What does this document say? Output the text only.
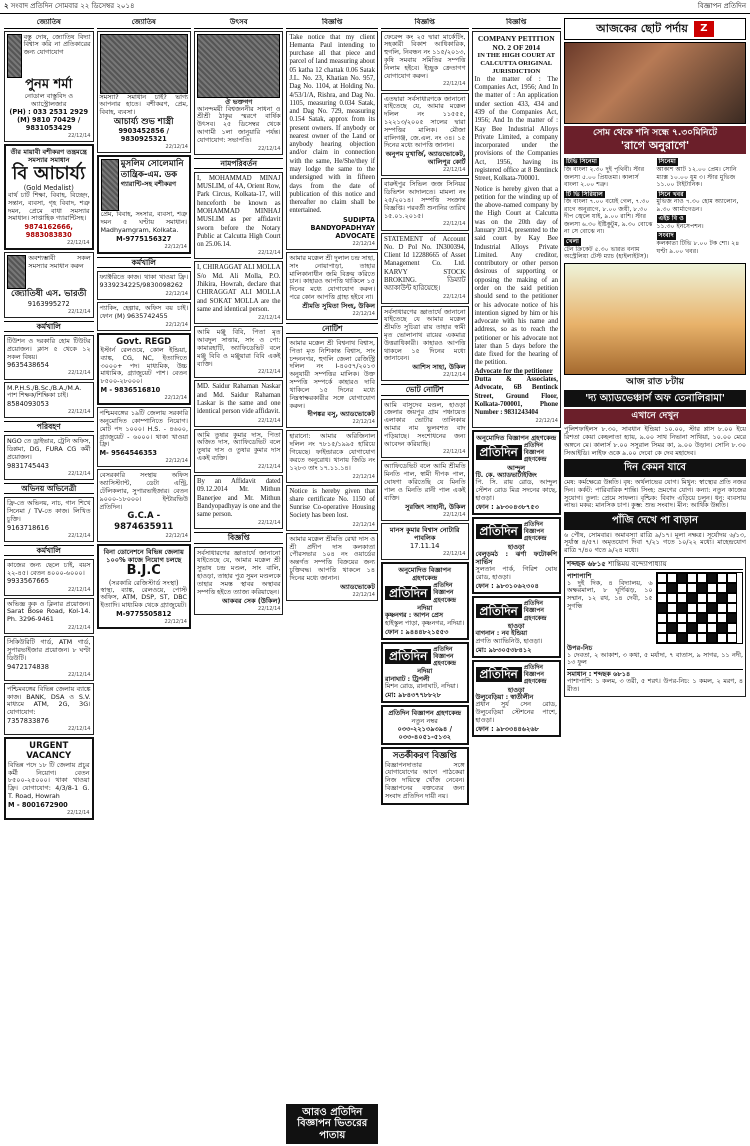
২ সংবাদ প্রতিদিন সোমবার ২২ ডিসেম্বর ২০১৪	বিজ্ঞাপন প্রতিদিন
জ্যোতিষ
বস্তু দোষ, জ্যোতিষ বিদ্যা বিশ্বাস করি না প্রতিকারের জন্য যোগাযোগ
পুনম শর্মা
নোডাল বাস্তুবিদ ও অ্যাস্ট্রোলজার
(PH) : 033 2531 2929
(M) 9810 70429 / 9831053429
22/12/14
তীর মায়াবী বশীকরণ তন্ত্রমন্ত্রে সমস্যার সমাধান
বি আচার্য্য
(Gold Medalist)
বার্থ চার্ট শিক্ষা, বিবাহ, বিচ্ছেদ, সন্তান, ব্যবসা, গৃহ বিবাদ, শত্রু দমন, প্রেমে বাধা সমস্যার সমাধান। সাপ্তাহিক গ্যারান্টিসহ।
9874162666, 9883083830
22/12/14
অবশ্যম্ভাবী সকল সমস্যার সমাধান করুন
জ্যোতিষী এস. ভারতী
9163995272
22/12/14
কর্মখালি
টিউশন ও দরকারি হোম টিউটর প্রয়োজন। ক্লাস ৫ থেকে ১২ সকল বিষয়।
9635438654
22/12/14
M.P.H.S./B.Sc./B.A./M.A. পাশ শিক্ষক/শিক্ষিকা চাই।
8584093053
22/12/14
পরিবহণ
NGO তে ড্রাইভার, ট্রেনি অফিস, ডিপ্লমা, DG, FURA CG কর্মী প্রয়োজন।
9831745443
22/12/14
অভিনয় অভিনেত্রী
ফ্রি-তে অভিনয়, নাচ, গান শিখে সিনেমা / TV-তে কাজ। লিখিত চুক্তি।
9163718616
22/12/14
কর্মখালি
কাজের জন্য ছেলে চাই, বয়স ২২-৪৫। বেতন ৪০০০-৬০০০।
9933567665
22/12/14
অভিজ্ঞ কুক ও ক্লিনার প্রয়োজন। Sarat Bose Road, Kol-14. Ph. 3296-9461
22/12/14
সিকিউরিটি গার্ড, ATM গার্ড, সুপারভাইজার প্রয়োজন। ৮ ঘণ্টা ডিউটি।
9472174838
22/12/14
পশ্চিমবঙ্গের বিভিন্ন জেলায় ব্যাঙ্কে কাজ। BANK, DSA ও S.V. মাধ্যমে ATM, 2G, 3G। যোগাযোগ:
7357833876
22/12/14
URGENT VACANCY
বিভিন্ন পদে ১৮ টি জেলায় প্রচুর কর্মী নিয়োগ। বেতন ৮৫০০-২৫০০০। থাকা খাওয়া ফ্রি। যোগাযোগ: 4/3/8-1 G. T. Road, Howrah
M - 8001672900
22/12/14
জ্যোতিষ
সমস্যা? সমাধান চাই? ভাগ্য আপনার হাতে। বশীকরণ, প্রেম, বিবাহ, ব্যবসা।
আচার্য্য শুভ শাস্ত্রী
9903452856 / 9830925321
22/12/14
মুসলিম সোলেমানি তান্ত্রিক-এম. ডক
গ্যারান্টি-সহ বশীকরণ
প্রেম, বিবাহ, সংসার, ব্যবসা, শত্রু দমন ৫ ঘণ্টায় সমাধান। Madhyamgram, Kolkata.
M-9775156327
22/12/14
কর্মখালি
ফ্যাক্টরিতে কাজ। থাকা খাওয়া ফ্রি। 9339234225/9830098262
22/12/14
প্যাকিং, হেল্পার, অফিস বয় চাই। ফোন (M) 9635742455
22/12/14
Govt. REGD
ইস্টার্ন রেলওয়ে, কোল ইন্ডিয়া, ব্যাঙ্ক, CG, NC, ইত্যাদিতে ৩০০০+ পদ। মাধ্যমিক, উচ্চ মাধ্যমিক, গ্র্যাজুয়েট পাশ। বেতন ৮৫০০-২৮০০০।
M - 9836516810
22/12/14
পশ্চিমবঙ্গের ১৯টি জেলায় সরকারি অনুমোদিত কোম্পানিতে নিয়োগ। মোট পদ ১০০০। H.S. - ৪৬০০, গ্র্যাজুয়েট - ৬০০০। থাকা খাওয়া ফ্রি।
M- 9564546353
22/12/14
বেসরকারি সংস্থায় অফিস অ্যাসিস্ট্যান্ট, ডেটা এন্ট্রি, টেলিকলার, সুপারভাইজার। বেতন ৯০০০-১৮০০০। ইন্টারভিউ প্রতিদিন।
G.C.A - 9874635911
22/12/14
বিনা ডোনেশনে বিভিন্ন জেলায় ১০০% কাজে নিয়োগ চলছে
B.J.C
(সরকারি রেজিস্টার্ড সংস্থা)
স্বাস্থ্য, ব্যাঙ্ক, রেলওয়ে, পোস্ট অফিস, ATM, DSP, ST, DBC ইত্যাদি। মাধ্যমিক থেকে গ্র্যাজুয়েট।
M-9775505812
22/12/14
উৎসব
ঔ ভক্তগণ
আনন্দময়ী বিশ্বজননীর সাধনা ও শ্রীশ্রী ঠাকুর স্মরণে বার্ষিক উৎসব। ২৫ ডিসেম্বর থেকে আগামী ১লা জানুয়ারি পর্যন্ত। যোগাযোগ: সভাপতি।
22/12/14
নামপরিবর্তন
I, MOHAMMAD MINAJ MUSLIM, of 4A, Orient Row, Park Circus, Kolkata-17, will henceforth be known as MOHAMMAD MINHAJ MUSLIM as per affidavit sworn before the Notary Public at Calcutta High Court on 25.06.14.
22/12/14
I, CHIRAGGAT ALI MOLLA S/o Md. Ali Molla, P.O. Jhikira, Howrah, declare that CHIRAGGAT ALI MOLLA and SOKAT MOLLA are the same and identical person.
22/12/14
আমি মঞ্জু বিবি, পিতা মৃত আবদুল সাত্তার, সাং ও পো: কামারহাটি, অ্যাফিডেভিট বলে মঞ্জু বিবি ও মঞ্জুয়ারা বিবি একই ব্যক্তি।
22/12/14
MD. Saidur Rahaman Naskar and Md. Saidur Rahaman Laskar is the same and one identical person vide affidavit.
22/12/14
আমি তুষার কুমার দাস, পিতা অজিত দাস, অ্যাফিডেভিট বলে তুষার দাস ও তুষার কুমার দাস একই ব্যক্তি।
22/12/14
By an Affidavit dated 09.12.2014 Mr. Mithun Banerjee and Mr. Mithun Bandyopadhyay is one and the same person.
22/12/14
বিজ্ঞপ্তি
সর্বসাধারণের জ্ঞাতার্থে জানানো যাইতেছে যে, আমার মক্কেল শ্রী সুভাষ চন্দ্র মণ্ডল, সাং বালি, হাওড়া, তাহার পুত্র সুমন মণ্ডলকে তাহার সমস্ত স্থাবর অস্থাবর সম্পত্তি হইতে ত্যাজ্য করিয়াছেন।
আকবর সেক (উকিল)
22/12/14
বিজ্ঞপ্তি
Take notice that my client Hemanta Paul intending to purchase all that piece and parcel of land measuring about 05 katha 12 chattak 0.06 Satak J.L. No. 23, Khatian No. 957, Dag No. 1104, at Holding No. 4/53/1/A, Rishra, and Dag No. 1105, measuring 0.034 Satak, and Dag No. 729, measuring 0.154 Satak, approx from its present owners. If anybody or nearest owner of the Land or anybody hearing objection and/or claim in connection with the same, He/She/they if may lodge the same to the undersigned with in fifteen days from the date of publication of this notice and thereafter no claim shall be entertained.
SUDIPTA BANDYOPADHYAY ADVOCATE
22/12/14
আমার মক্কেল শ্রী দুলাল চন্দ্র সাহা, সাং নোয়াপাড়া, তাহার মালিকানাধীন জমি বিক্রয় করিতে চান। কাহারও আপত্তি থাকিলে ১৫ দিনের মধ্যে যোগাযোগ করুন। পরে কোন আপত্তি গ্রাহ্য হইবে না।
শ্রীমতি সুমিতা সিংহ, উকিল
22/12/14
নোটিশ
আমার মক্কেল শ্রী বিশ্বনাথ বিশ্বাস, পিতা মৃত নিশিকান্ত বিশ্বাস, সাং চন্দননগর, হুগলি জেলা রেজিস্ট্রি দলিল নং I-৪০৫৭/২০১৩ অনুযায়ী সম্পত্তির মালিক। উক্ত সম্পত্তি সম্পর্কে কাহারও দাবি থাকিলে ১৫ দিনের মধ্যে নিম্নস্বাক্ষরকারীর সঙ্গে যোগাযোগ করুন।
দীপঙ্কর বসু, অ্যাডভোকেট
22/12/14
হারানো: আমার অরিজিনাল দলিল নং ৭৮১৫/১৯৯৫ হারিয়ে গিয়েছে। ফাইন্ডারকে যোগাযোগ করতে অনুরোধ। থানায় জিডি নং ১২৮৩ তাং ১৭.১১.১৪।
22/12/14
Notice is hereby given that share certificate No. 1150 of Sunrise Co-operative Housing Society has been lost.
22/12/14
আমার মক্কেল শ্রীমতি রেখা দাস ও শ্রী প্রদীপ দাস কলকাতা পৌরসভার ১০৪ নং ওয়ার্ডের অন্তর্গত সম্পত্তি বিক্রয়ের জন্য চুক্তিবদ্ধ। আপত্তি থাকলে ১৪ দিনের মধ্যে জানান।
অ্যাডভোকেট
22/12/14
আরও প্রতিদিন বিজ্ঞাপন ভিতরের পাতায়
বিজ্ঞপ্তি
ফেরেন্স কং ২৫ দ্বারা মার্কেটিং, সহকারী বিকাশ আধিকারিক, হুগলি, নিবন্ধন নং ১১৫/২০১৩, কৃষি সমবায় সমিতির সম্পত্তি নিলাম হইবে। ইচ্ছুক ক্রেতাগণ যোগাযোগ করুন।
22/12/14
এতদ্বারা সর্বসাধারণকে জানানো যাইতেছে যে, আমার মক্কেল দলিল নং ১১৫৫৫, ১২২১৩/২০০৫ সালের দ্বারা সম্পত্তির মালিক। মৌজা বালিগঞ্জ, জে.এল. নং ৩৪। ১৫ দিনের মধ্যে আপত্তি জানান।
অনুপম মুখার্জি, অ্যাডভোকেট, আলিপুর কোর্ট
22/12/14
বারুইপুর সিভিল জজ সিনিয়র ডিভিশন আদালতে। মামলা নং ২৫/২০১৪। সম্পত্তি সংক্রান্ত বিজ্ঞপ্তি। পরবর্তী শুনানির তারিখ ১৫.০১.২০১৫।
22/12/14
STATEMENT of Account No. D Pol No. IN300394, Client Id 12288665 of Asset Management Co. Ltd. KARVY STOCK BROKING. ডিম্যাট অ্যাকাউন্ট হারিয়েছে।
22/12/14
সর্বসাধারণের জ্ঞাতার্থে জানানো যাইতেছে যে আমার মক্কেল শ্রীমতি সুচিত্রা রায় তাহার স্বামী মৃত ভোলানাথ রায়ের একমাত্র উত্তরাধিকারী। কাহারও আপত্তি থাকলে ১৫ দিনের মধ্যে জানাবেন।
আশিস সাহা, উকিল
22/12/14
ভোট নোটিশ
আমি বাসুদেব মণ্ডল, হাওড়া জেলার জয়পুর গ্রাম পঞ্চায়েত এলাকার ভোটার তালিকায় আমার নাম ভুলবশত বাদ পড়িয়াছে। সংশোধনের জন্য আবেদন করিয়াছি।
22/12/14
অ্যাফিডেভিট বলে আমি শ্রীমতি মিনতি পাল, স্বামী দীপক পাল, ঘোষণা করিতেছি যে মিনতি পাল ও মিনতি রানী পাল একই ব্যক্তি।
সুরজিৎ সাহানী, উকিল
22/12/14
মানস কুমার বিশ্বাস নোটারি পাবলিক
17.11.14
22/12/14
অনুমোদিত বিজ্ঞাপন গ্রহণকেন্দ্র
প্রতিদিন
প্রতিদিন বিজ্ঞাপন গ্রহণকেন্দ্র
নদিয়া
কৃষ্ণনগর : আপন প্রেস
হাইস্কুল পাড়া, কৃষ্ণনগর, নদিয়া।
ফোন : ৯৪৪৪৮২১৫৫৩
প্রতিদিন
প্রতিদিন বিজ্ঞাপন গ্রহণকেন্দ্র
নদিয়া
রানাঘাট : ট্রিপলী
মিশন রোড, রানাঘাট, নদিয়া।
মো: ৯৮৪৩৭৭৮৮২৮
প্রতিদিন বিজ্ঞাপন গ্রহণকেন্দ্র
নতুন নম্বর
০৩৩-২২১৩৯৩৯৪ / ০৩৩-৪০৫১-৫১৩২
সতর্কীকরণ বিজ্ঞপ্তি
বিজ্ঞাপনদাতার সঙ্গে যোগাযোগের আগে পাঠকেরা নিজ দায়িত্বে খোঁজ নেবেন। বিজ্ঞাপনের বক্তব্যের জন্য সংবাদ প্রতিদিন দায়ী নয়।
বিজ্ঞপ্তি
COMPANY PETITION NO. 2 OF 2014
IN THE HIGH COURT AT CALCUTTA ORIGINAL JURISDICTION
In the matter of : The Companies Act, 1956; And In the matter of : An application under section 433, 434 and 439 of the Companies Act, 1956; And In the matter of : Kay Bee Industrial Alloys Private Limited, a company incorporated under the provisions of the Companies Act, 1956, having its registered office at 8 Bentinck Street, Kolkata-700001.
Notice is hereby given that a petition for the winding up of the above-named company by the High Court at Calcutta was on the 20th day of January 2014, presented to the said court by Kay Bee Industrial Alloys Private Limited. Any creditor, contributory or other person desirous of supporting or opposing the making of an order on the said petition should send to the petitioner or his advocate notice of his intention signed by him or his advocate with his name and address, so as to reach the petitioner or his advocate not later than 5 days before the date fixed for the hearing of the petition.
Advocate for the petitioner
Dutta & Associates, Advocate, 6B Bentinck Street, Ground Floor, Kolkata-700001, Phone Number : 9831243404
22/12/14
অনুমোদিত বিজ্ঞাপন গ্রহণকেন্দ্র
প্রতিদিন
প্রতিদিন বিজ্ঞাপন গ্রহণকেন্দ্র
আন্দুল
টি. কে. অ্যাডভার্টাইজিং
পি. সি. রায় রোড, আন্দুল স্টেশন রোড মিত্র সদনের কাছে, হাওড়া।
ফোন : ৯৮৩০৪৩৮৭৫৩
প্রতিদিন
প্রতিদিন বিজ্ঞাপন গ্রহণকেন্দ্র
হাওড়া
বেলুড়মঠ : ঝর্ণা ফটোকপি সার্ভিস
সুলতান পার্ক, গিরিশ ঘোষ রোড, হাওড়া।
ফোন : ৯৮৩১০৬২৩০৪
প্রতিদিন
প্রতিদিন বিজ্ঞাপন গ্রহণকেন্দ্র
হাওড়া
বাগনান : নব ইন্ডিয়া
প্রগতি অ্যাভিনিউ, হাওড়া।
মো: ৯৮৩০৫৩৮৪১২
প্রতিদিন
প্রতিদিন বিজ্ঞাপন গ্রহণকেন্দ্র
হাওড়া
উলুবেড়িয়া : স্বাতীলীন
প্রধান সুর্য সেন রোড, উলুবেড়িয়া স্টেশনের পাশে, হাওড়া।
ফোন : ৯৮৩৩৪৪৬২৬৮
আজকের ছোট পর্দায়	Z
সোম থেকে শনি সন্ধে ৭.৩০মিনিটে
'রাগে অনুরাগে'
টিভি সিনেমা
জি বাংলা ২.৩০ দুই পৃথিবী। স্টার জলসা ৫.০০ প্রিয়তমা। কালার্স বাংলা ২.০০ শত্রু।
টি ভি সিরিয়াল
জি বাংলা ৭.০০ বয়েই গেল, ৭.৩০ রাগে অনুরাগে, ৮.০০ জয়ী, ৮.৩০ দীপ জ্বেলে যাই, ৯.০০ রাশি। স্টার জলসা ৬.৩০ ইষ্টিকুটুম, ৯.৩০ বোঝে না সে বোঝে না।
খেলা
টেন ক্রিকেট ৫.৩০ ভারত বনাম অস্ট্রেলিয়া টেস্ট ম্যাচ (হাইলাইটস)।
সিনেমা
আকাশ আট ১২.০০ প্রেম। সোনি ম্যাক্স ১০.০০ ধূম ৩। স্টার মুভিজ ১১.০০ টাইটানিক।
সিনে খবর
মুভিজ নাও ৭.৩০ হোম অ্যালোন, ৯.৩০ আর্মাগেডন।
এইচ বি ও
১১.৩০ ইনসেপশন।
সংবাদ
কলকাতা টিভি ৮.০০ টক শো। ২৪ ঘণ্টা ৯.০০ খবর।
আজ রাত ৮টায়
'দ্য অ্যাডভেঞ্চার্স অফ তেনালিরামা'
এখানে দেখুন
পুলিশফাইলস ৮.৩০, সাবধান ইন্ডিয়া ১০.০০, স্টার প্লাস ৮.০০ ইয়ে রিশতা কেয়া কেহলাতা হ্যায়, ৯.০০ সাথ নিভানা সাথিয়া, ১০.০০ মেরে অঙ্গনে মে। কালার্স ৮.০০ সসুরাল সিমর কা, ৯.০০ উড়ান। সোনি ৮.৩০ সিআইডি। লাইফ ওকে ৯.০০ দেবো কে দেব মহাদেব।
দিন কেমন যাবে
মেষ: কর্মক্ষেত্রে উন্নতি। বৃষ: অর্থলাভের যোগ। মিথুন: স্বাস্থ্যের প্রতি নজর দিন। কর্কট: পারিবারিক শান্তি। সিংহ: ভ্রমণের যোগ। কন্যা: নতুন কাজের সুযোগ। তুলা: প্রেমে সাফল্য। বৃশ্চিক: বিবাদ এড়িয়ে চলুন। ধনু: ব্যবসায় লাভ। মকর: মানসিক চাপ। কুম্ভ: শুভ সংবাদ। মীন: আর্থিক উন্নতি।
পাঁজি দেখে পা বাড়ান
৬ পৌষ, সোমবার। অমাবস্যা রাত্রি ৯/১৭। মূলা নক্ষত্র। সূর্যোদয় ৬/১৩, সূর্যাস্ত ৪/৫৭। অমৃতযোগ দিবা ৭/২১ গতে ১০/২২ মধ্যে। মাহেন্দ্রযোগ রাত্রি ৭/৪০ গতে ৯/২৪ মধ্যে।
শব্দছক ৬৮১৫ শান্তিময় বন্দ্যোপাধ্যায়
পাশাপাশি
১ দুই দিক, ৪ বিদ্যালয়, ৬ অক্ষরমালা, ৮ ঘূর্ণিঝড়, ১০ সম্মান, ১২ রথ, ১৪ দেবী, ১৫ সুগন্ধি
উপর-নিচ
১ দেবতা, ২ আকাশ, ৩ কথা, ৫ মর্যাদা, ৭ বাতাস, ৯ সাগর, ১১ নদী, ১৩ ফুল
সমাধান : শব্দছক ৬৮১৪
পাশাপাশি: ১ কলম, ৩ তরী, ৫ শরৎ। উপর-নিচ: ১ কমল, ২ মরণ, ৪ রীত।
